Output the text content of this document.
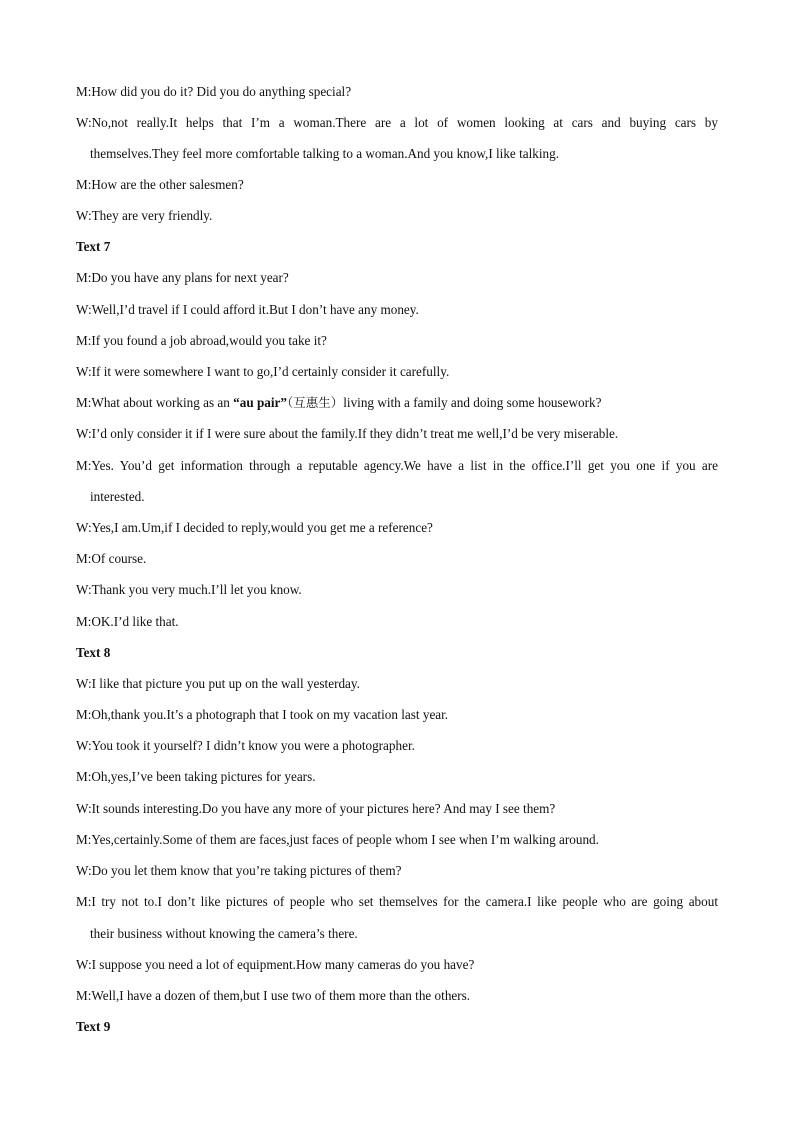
M:How did you do it? Did you do anything special?
W:No,not really.It helps that I’m a woman.There are a lot of women looking at cars and buying cars by
themselves.They feel more comfortable talking to a woman.And you know,I like talking.
M:How are the other salesmen?
W:They are very friendly.
Text 7
M:Do you have any plans for next year?
W:Well,I’d travel if I could afford it.But I don’t have any money.
M:If you found a job abroad,would you take it?
W:If it were somewhere I want to go,I’d certainly consider it carefully.
M:What about working as an “au pair”（互惠生）living with a family and doing some housework?
W:I’d only consider it if I were sure about the family.If they didn’t treat me well,I’d be very miserable.
M:Yes. You’d get information through a reputable agency.We have a list in the office.I’ll get you one if you are
interested.
W:Yes,I am.Um,if I decided to reply,would you get me a reference?
M:Of course.
W:Thank you very much.I’ll let you know.
M:OK.I’d like that.
Text 8
W:I like that picture you put up on the wall yesterday.
M:Oh,thank you.It’s a photograph that I took on my vacation last year.
W:You took it yourself? I didn’t know you were a photographer.
M:Oh,yes,I’ve been taking pictures for years.
W:It sounds interesting.Do you have any more of your pictures here? And may I see them?
M:Yes,certainly.Some of them are faces,just faces of people whom I see when I’m walking around.
W:Do you let them know that you’re taking pictures of them?
M:I try not to.I don’t like pictures of people who set themselves for the camera.I like people who are going about
their business without knowing the camera’s there.
W:I suppose you need a lot of equipment.How many cameras do you have?
M:Well,I have a dozen of them,but I use two of them more than the others.
Text 9
